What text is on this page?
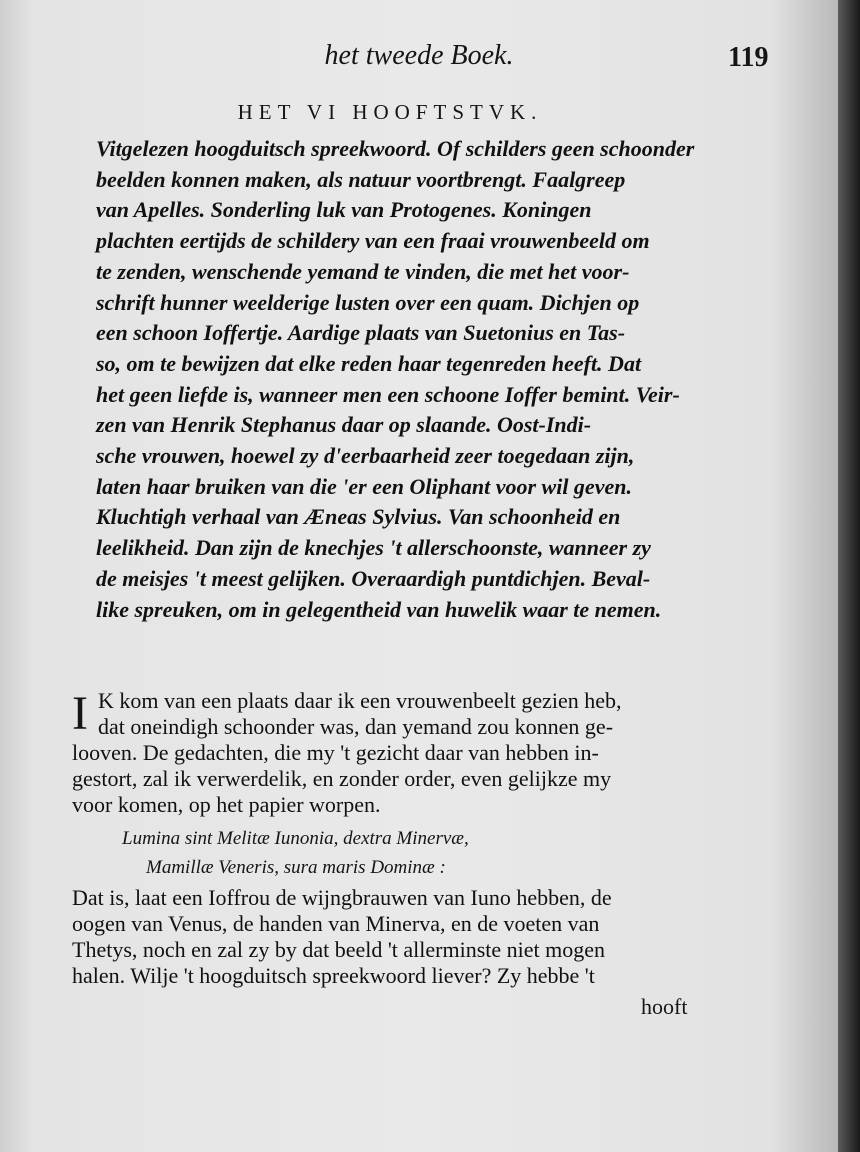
het tweede Boek.	119
HET VI HOOFTSTVK.
Vitgelezen hoogduitsch spreekwoord. Of schilders geen schoonder
beelden konnen maken, als natuur voortbrengt. Faalgreep
van Apelles. Sonderling luk van Protogenes. Koningen
plachten eertijds de schildery van een fraai vrouwenbeeld om
te zenden, wenschende yemand te vinden, die met het voor-
schrift hunner weelderige lusten over een quam. Dichjen op
een schoon Ioffertje. Aardige plaats van Suetonius en Tas-
so, om te bewijzen dat elke reden haar tegenreden heeft. Dat
het geen liefde is, wanneer men een schoone Ioffer bemint. Veir-
zen van Henrik Stephanus daar op slaande. Oost-Indi-
sche vrouwen, hoewel zy d'eerbaarheid zeer toegedaan zijn,
laten haar bruiken van die 'er een Oliphant voor wil geven.
Kluchtigh verhaal van Æneas Sylvius. Van schoonheid en
leelikheid. Dan zijn de knechjes 't allerschoonste, wanneer zy
de meisjes 't meest gelijken. Overaardigh puntdichjen. Beval-
like spreuken, om in gelegentheid van huwelik waar te nemen.
I K kom van een plaats daar ik een vrouwenbeelt gezien heb,
dat oneindigh schoonder was, dan yemand zou konnen ge-
looven. De gedachten, die my 't gezicht daar van hebben in-
gestort, zal ik verwerdelik, en zonder order, even gelijkze my
voor komen, op het papier worpen.
Lumina sint Melitæ Iunonia, dextra Minervæ,
Mamillæ Veneris, sura maris Dominæ :
Dat is, laat een Ioffrou de wijngbrauwen van Iuno hebben, de
oogen van Venus, de handen van Minerva, en de voeten van
Thetys, noch en zal zy by dat beeld 't allerminste niet mogen
halen. Wilje 't hoogduitsch spreekwoord liever? Zy hebbe 't
hooft
